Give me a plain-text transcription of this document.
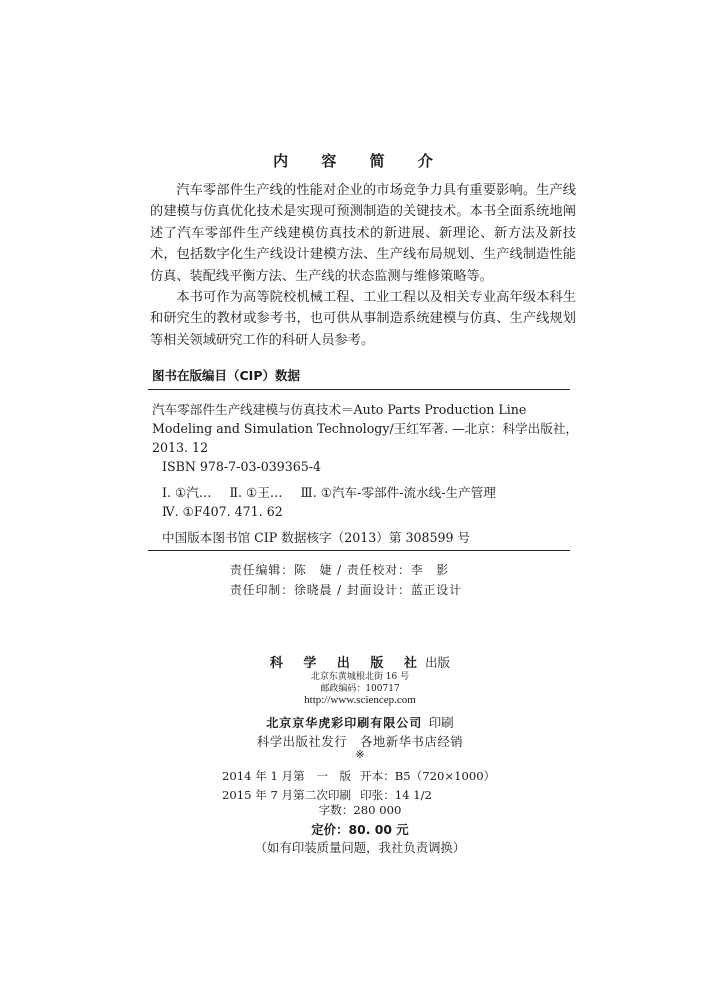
内 容 简 介

汽车零部件生产线的性能对企业的市场竞争力具有重要影响。生产线的建模与仿真优化技术是实现可预测制造的关键技术。本书全面系统地阐述了汽车零部件生产线建模仿真技术的新进展、新理论、新方法及新技术，包括数字化生产线设计建模方法、生产线布局规划、生产线制造性能仿真、装配线平衡方法、生产线的状态监测与维修策略等。

本书可作为高等院校机械工程、工业工程以及相关专业高年级本科生和研究生的教材或参考书，也可供从事制造系统建模与仿真、生产线规划等相关领域研究工作的科研人员参考。

图书在版编目（CIP）数据
汽车零部件生产线建模与仿真技术＝Auto Parts Production Line
Modeling and Simulation Technology/王红军著. —北京：科学出版社，
2013. 12
ISBN 978-7-03-039365-4
Ⅰ. ①汽… Ⅱ. ①王… Ⅲ. ①汽车-零部件-流水线-生产管理
Ⅳ. ①F407. 471. 62
中国版本图书馆 CIP 数据核字（2013）第 308599 号
责任编辑：陈　婕 / 责任校对：李　影
责任印制：徐晓晨 / 封面设计：蓝正设计
科 学 出 版 社出版
北京东黄城根北街 16 号
邮政编码：100717
http://www.sciencep.com
北京京华虎彩印刷有限公司  印刷
科学出版社发行　各地新华书店经销
※
2014 年 1 月第　一　版 开本：B5（720×1000）
2015 年 7 月第二次印刷 印张：14 1/2
字数：280 000
定价：80. 00 元
（如有印装质量问题，我社负责调换）
